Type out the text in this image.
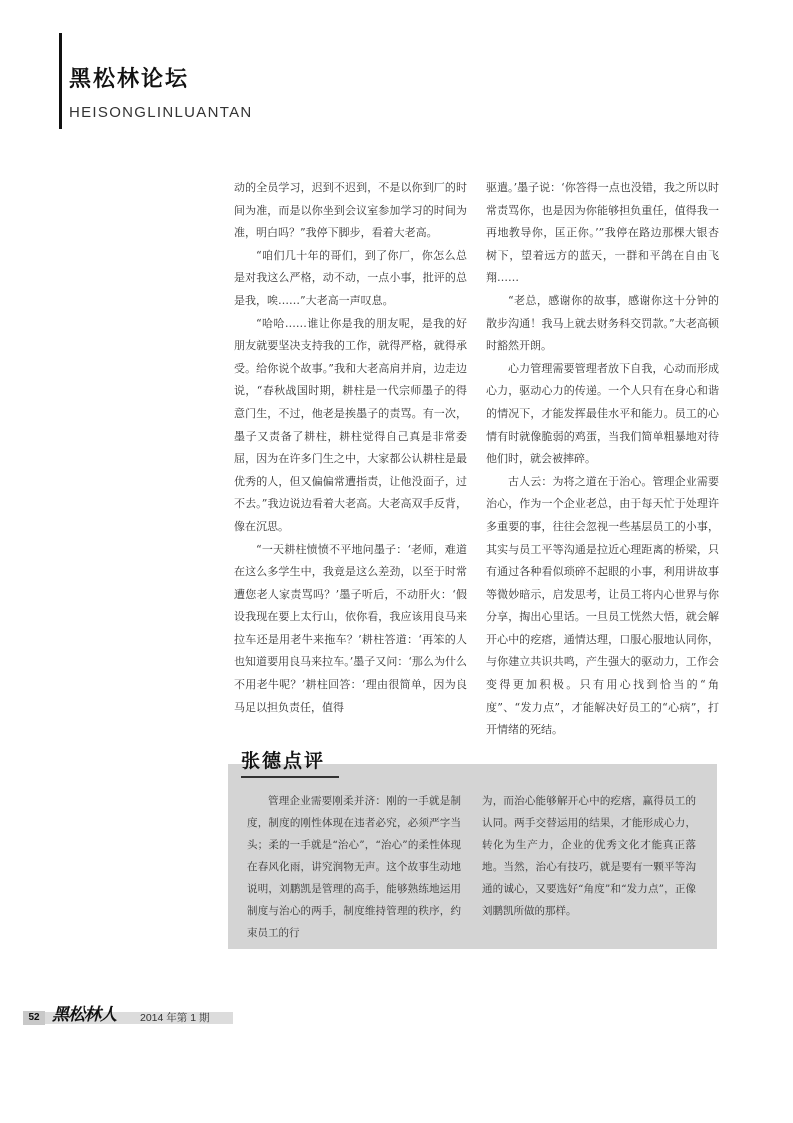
黑松林论坛
HEISONGLINLUANTAN

动的全员学习，迟到不迟到，不是以你到厂的时间为准，而是以你坐到会议室参加学习的时间为准，明白吗？”我停下脚步，看着大老高。

“咱们几十年的哥们，到了你厂，你怎么总是对我这么严格，动不动，一点小事，批评的总是我，唉……”大老高一声叹息。

“哈哈……谁让你是我的朋友呢，是我的好朋友就要坚决支持我的工作，就得严格，就得承受。给你说个故事。”我和大老高肩并肩，边走边说，“春秋战国时期，耕柱是一代宗师墨子的得意门生，不过，他老是挨墨子的责骂。有一次，墨子又责备了耕柱，耕柱觉得自己真是非常委屈，因为在许多门生之中，大家都公认耕柱是最优秀的人，但又偏偏常遭指责，让他没面子，过不去。”我边说边看着大老高。大老高双手反背，像在沉思。

“一天耕柱愤愤不平地问墨子：‘老师，难道在这么多学生中，我竟是这么差劲，以至于时常遭您老人家责骂吗？’墨子听后，不动肝火：‘假设我现在要上太行山，依你看，我应该用良马来拉车还是用老牛来拖车？’耕柱答道：‘再笨的人也知道要用良马来拉车。’墨子又问：‘那么为什么不用老牛呢？’耕柱回答：‘理由很简单，因为良马足以担负责任，值得

驱遣。’墨子说：‘你答得一点也没错，我之所以时常责骂你，也是因为你能够担负重任，值得我一再地教导你，匡正你。’”我停在路边那棵大银杏树下，望着远方的蓝天，一群和平鸽在自由飞翔……

“老总，感谢你的故事，感谢你这十分钟的散步沟通！我马上就去财务科交罚款。”大老高顿时豁然开朗。

心力管理需要管理者放下自我，心动而形成心力，驱动心力的传递。一个人只有在身心和谐的情况下，才能发挥最佳水平和能力。员工的心情有时就像脆弱的鸡蛋，当我们简单粗暴地对待他们时，就会被摔碎。

古人云：为将之道在于治心。管理企业需要治心，作为一个企业老总，由于每天忙于处理许多重要的事，往往会忽视一些基层员工的小事，其实与员工平等沟通是拉近心理距离的桥梁，只有通过各种看似琐碎不起眼的小事，利用讲故事等微妙暗示，启发思考，让员工将内心世界与你分享，掏出心里话。一旦员工恍然大悟，就会解开心中的疙瘩，通情达理，口服心服地认同你，与你建立共识共鸣，产生强大的驱动力，工作会变得更加积极。只有用心找到恰当的“角度”、“发力点”，才能解决好员工的“心病”，打开情绪的死结。

张德点评

管理企业需要刚柔并济：刚的一手就是制度，制度的刚性体现在违者必究，必须严字当头；柔的一手就是“治心”，“治心”的柔性体现在春风化雨，讲究润物无声。这个故事生动地说明，刘鹏凯是管理的高手，能够熟练地运用制度与治心的两手，制度维持管理的秩序，约束员工的行

为，而治心能够解开心中的疙瘩，赢得员工的认同。两手交替运用的结果，才能形成心力，转化为生产力，企业的优秀文化才能真正落地。当然，治心有技巧，就是要有一颗平等沟通的诚心，又要选好“角度”和“发力点”，正像刘鹏凯所做的那样。

52 黑松林人 2014 年第 1 期
